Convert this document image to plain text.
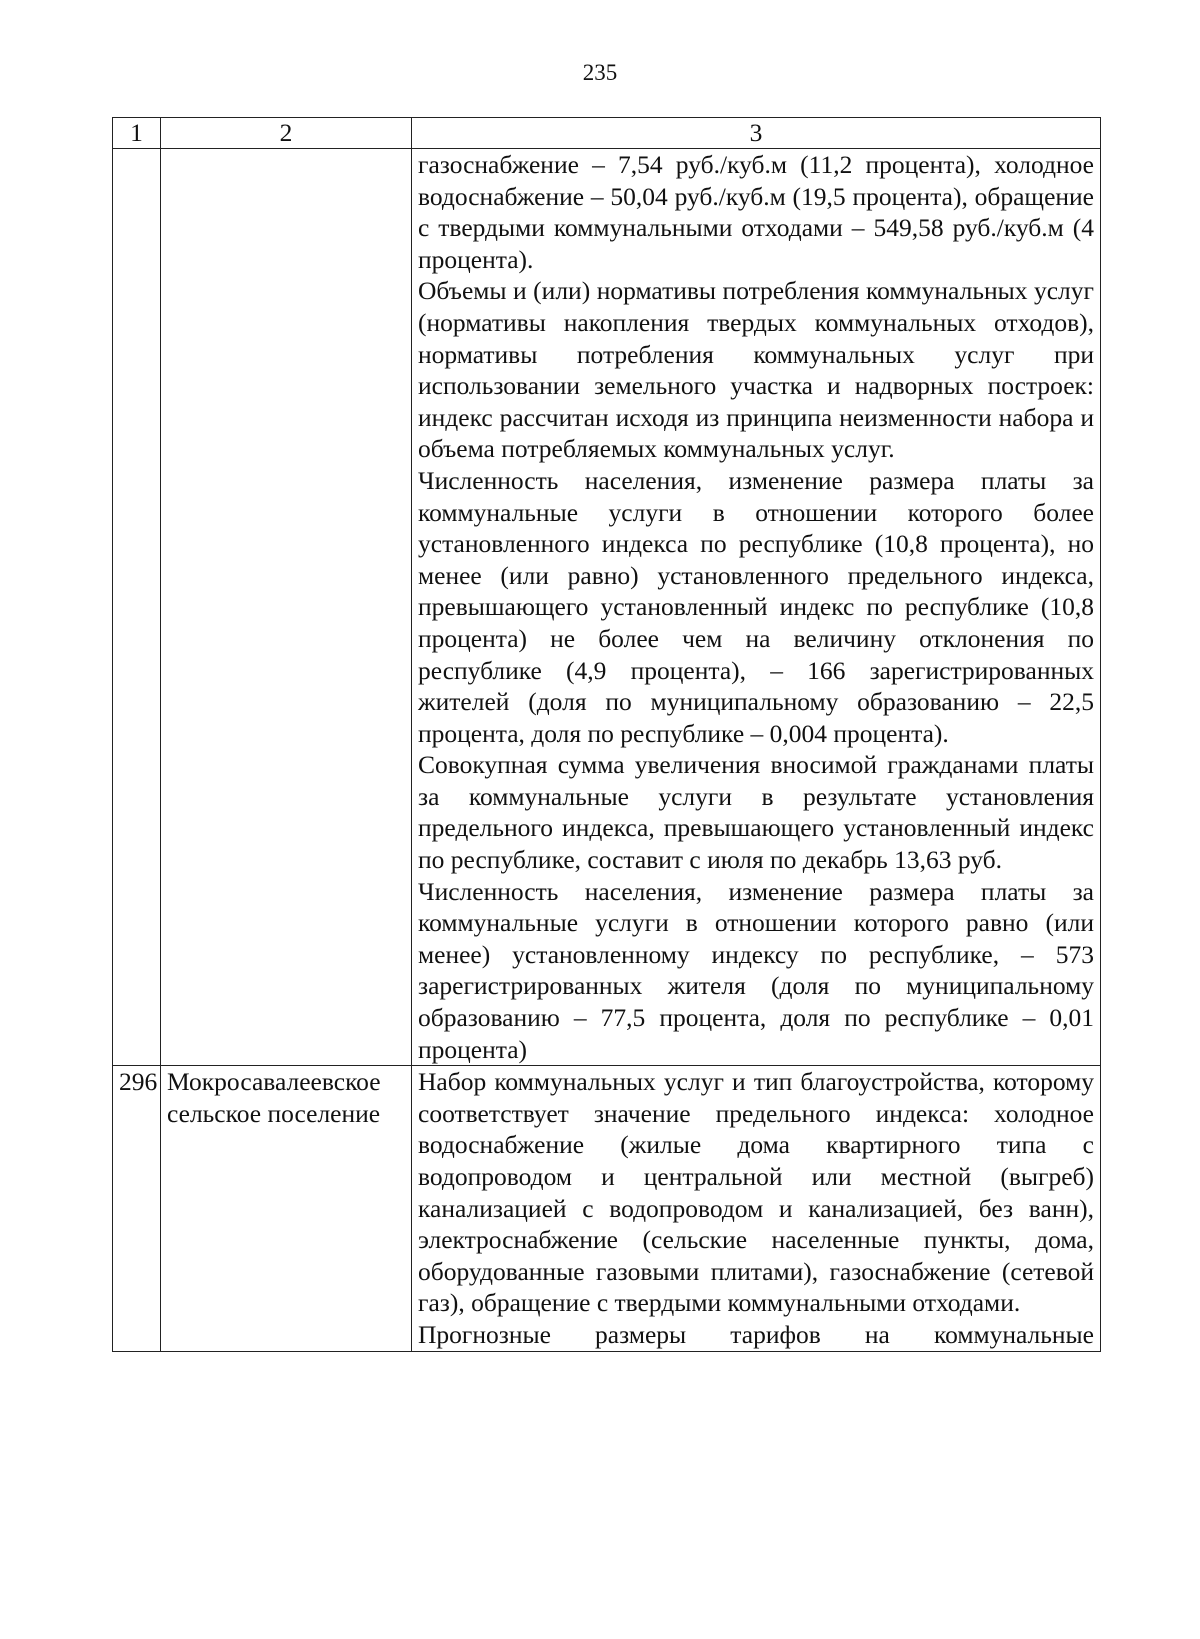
235
1	2	3

		газоснабжение – 7,54 руб./куб.м (11,2 процента), холодное водоснабжение – 50,04 руб./куб.м (19,5 процента), обращение с твердыми коммунальными отходами – 549,58 руб./куб.м (4 процента).

Объемы и (или) нормативы потребления коммунальных услуг (нормативы накопления твердых коммунальных отходов), нормативы потребления коммунальных услуг при использовании земельного участка и надворных построек: индекс рассчитан исходя из принципа неизменности набора и объема потребляемых коммунальных услуг.

Численность населения, изменение размера платы за коммунальные услуги в отношении которого более установленного индекса по республике (10,8 процента), но менее (или равно) установленного предельного индекса, превышающего установленный индекс по республике (10,8 процента) не более чем на величину отклонения по республике (4,9 процента), – 166 зарегистрированных жителей (доля по муниципальному образованию – 22,5 процента, доля по республике – 0,004 процента).

Совокупная сумма увеличения вносимой гражданами платы за коммунальные услуги в результате установления предельного индекса, превышающего установленный индекс по республике, составит с июля по декабрь 13,63 руб.

Численность населения, изменение размера платы за коммунальные услуги в отношении которого равно (или менее) установленному индексу по республике, – 573 зарегистрированных жителя (доля по муниципальному образованию – 77,5 процента, доля по республике – 0,01 процента)

296	Мокросавалеевское сельское поселение	Набор коммунальных услуг и тип благоустройства, которому соответствует значение предельного индекса: холодное водоснабжение (жилые дома квартирного типа с водопроводом и центральной или местной (выгреб) канализацией с водопроводом и канализацией, без ванн), электроснабжение (сельские населенные пункты, дома, оборудованные газовыми плитами), газоснабжение (сетевой газ), обращение с твердыми коммунальными отходами.

Прогнозные размеры тарифов на коммунальные
